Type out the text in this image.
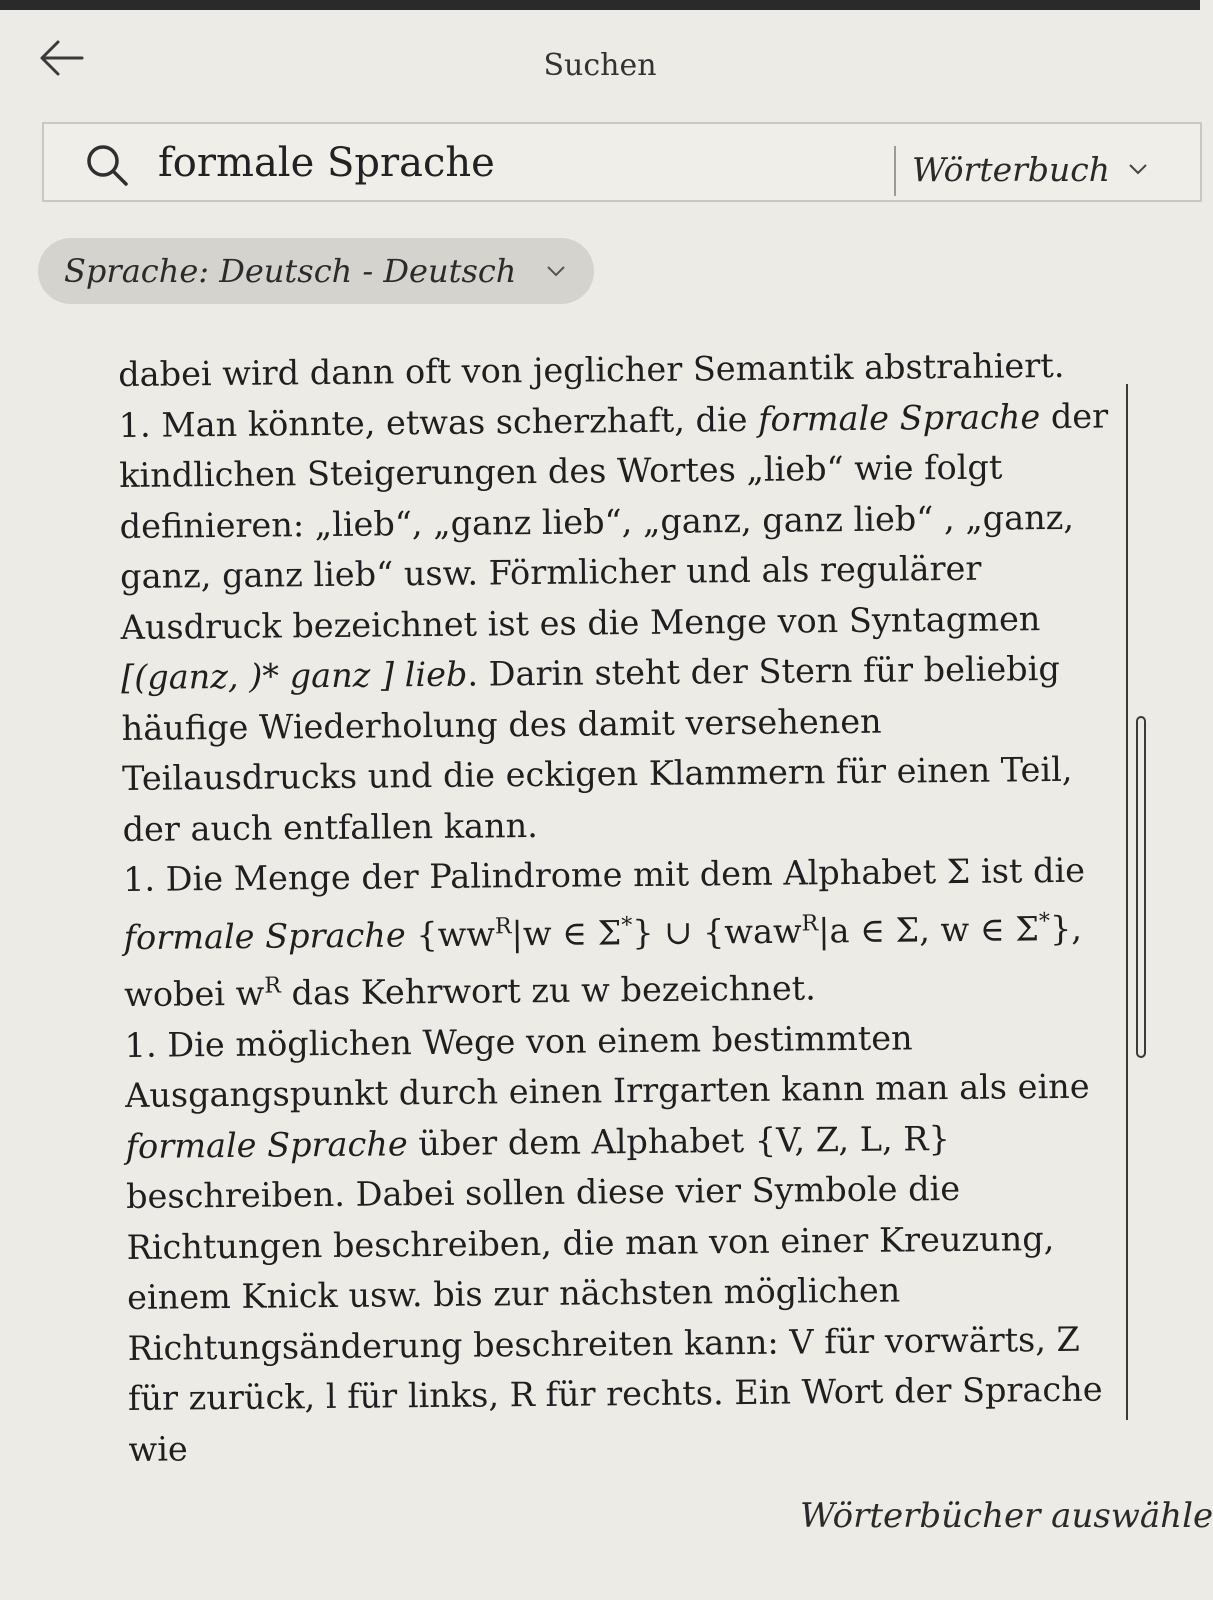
Suchen
formale Sprache
Wörterbuch
Sprache: Deutsch - Deutsch

dabei wird dann oft von jeglicher Semantik abstrahiert.

1. Man könnte, etwas scherzhaft, die formale Sprache der kindlichen Steigerungen des Wortes „lieb“ wie folgt definieren: „lieb“, „ganz lieb“, „ganz, ganz lieb“ , „ganz, ganz, ganz lieb“ usw. Förmlicher und als regulärer Ausdruck bezeichnet ist es die Menge von Syntagmen [(ganz, )* ganz ] lieb. Darin steht der Stern für beliebig häufige Wiederholung des damit versehenen Teilausdrucks und die eckigen Klammern für einen Teil, der auch entfallen kann.

1. Die Menge der Palindrome mit dem Alphabet Σ ist die formale Sprache {$ww^R|w$ ∈ Σ*} ∪ {waw$^R$|a ∈ Σ, w ∈ Σ*}, wobei $w^R$ das Kehrwort zu w bezeichnet.

1. Die möglichen Wege von einem bestimmten Ausgangspunkt durch einen Irrgarten kann man als eine formale Sprache über dem Alphabet {V, Z, L, R} beschreiben. Dabei sollen diese vier Symbole die Richtungen beschreiben, die man von einer Kreuzung, einem Knick usw. bis zur nächsten möglichen Richtungsänderung beschreiten kann: V für vorwärts, Z für zurück, l für links, R für rechts. Ein Wort der Sprache wie

Wörterbücher auswähle
